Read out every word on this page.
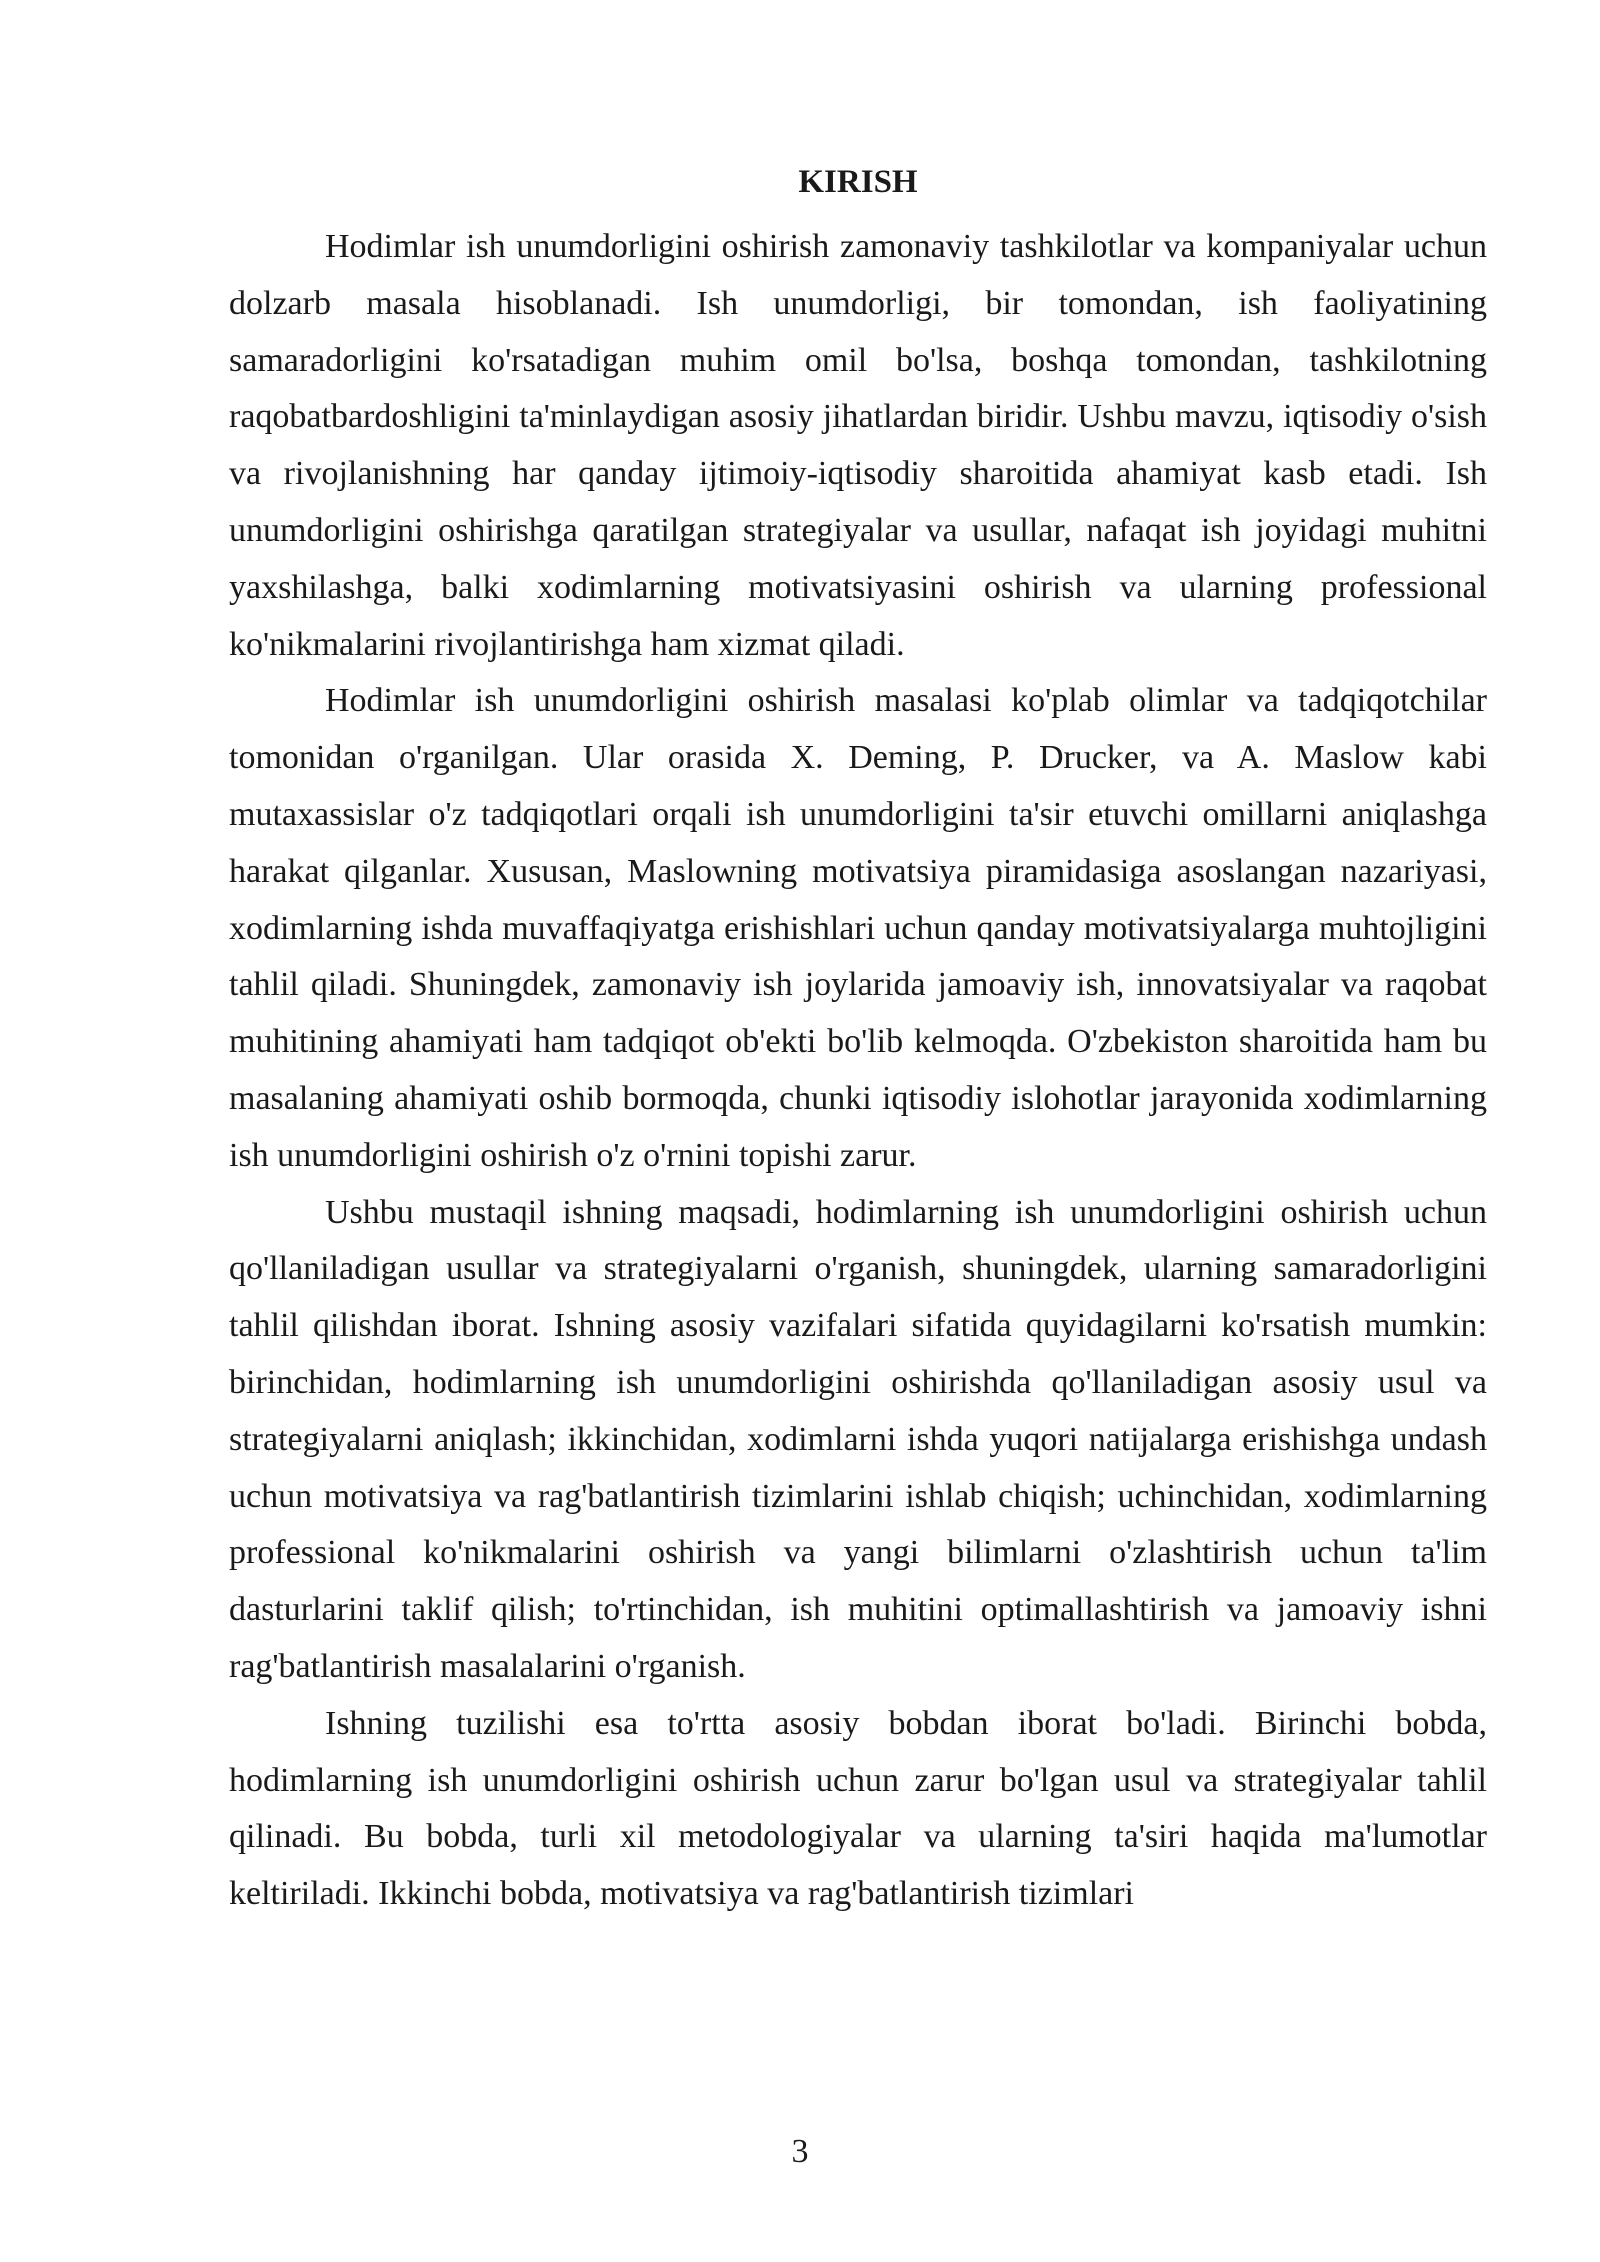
KIRISH

Hodimlar ish unumdorligini oshirish zamonaviy tashkilotlar va kompaniyalar uchun dolzarb masala hisoblanadi. Ish unumdorligi, bir tomondan, ish faoliyatining samaradorligini ko'rsatadigan muhim omil bo'lsa, boshqa tomondan, tashkilotning raqobatbardoshligini ta'minlaydigan asosiy jihatlardan biridir. Ushbu mavzu, iqtisodiy o'sish va rivojlanishning har qanday ijtimoiy-iqtisodiy sharoitida ahamiyat kasb etadi. Ish unumdorligini oshirishga qaratilgan strategiyalar va usullar, nafaqat ish joyidagi muhitni yaxshilashga, balki xodimlarning motivatsiyasini oshirish va ularning professional ko'nikmalarini rivojlantirishga ham xizmat qiladi.

Hodimlar ish unumdorligini oshirish masalasi ko'plab olimlar va tadqiqotchilar tomonidan o'rganilgan. Ular orasida X. Deming, P. Drucker, va A. Maslow kabi mutaxassislar o'z tadqiqotlari orqali ish unumdorligini ta'sir etuvchi omillarni aniqlashga harakat qilganlar. Xususan, Maslowning motivatsiya piramidasiga asoslangan nazariyasi, xodimlarning ishda muvaffaqiyatga erishishlari uchun qanday motivatsiyalarga muhtojligini tahlil qiladi. Shuningdek, zamonaviy ish joylarida jamoaviy ish, innovatsiyalar va raqobat muhitining ahamiyati ham tadqiqot ob'ekti bo'lib kelmoqda. O'zbekiston sharoitida ham bu masalaning ahamiyati oshib bormoqda, chunki iqtisodiy islohotlar jarayonida xodimlarning ish unumdorligini oshirish o'z o'rnini topishi zarur.

Ushbu mustaqil ishning maqsadi, hodimlarning ish unumdorligini oshirish uchun qo'llaniladigan usullar va strategiyalarni o'rganish, shuningdek, ularning samaradorligini tahlil qilishdan iborat. Ishning asosiy vazifalari sifatida quyidagilarni ko'rsatish mumkin: birinchidan, hodimlarning ish unumdorligini oshirishda qo'llaniladigan asosiy usul va strategiyalarni aniqlash; ikkinchidan, xodimlarni ishda yuqori natijalarga erishishga undash uchun motivatsiya va rag'batlantirish tizimlarini ishlab chiqish; uchinchidan, xodimlarning professional ko'nikmalarini oshirish va yangi bilimlarni o'zlashtirish uchun ta'lim dasturlarini taklif qilish; to'rtinchidan, ish muhitini optimallashtirish va jamoaviy ishni rag'batlantirish masalalarini o'rganish.

Ishning tuzilishi esa to'rtta asosiy bobdan iborat bo'ladi. Birinchi bobda, hodimlarning ish unumdorligini oshirish uchun zarur bo'lgan usul va strategiyalar tahlil qilinadi. Bu bobda, turli xil metodologiyalar va ularning ta'siri haqida ma'lumotlar keltiriladi. Ikkinchi bobda, motivatsiya va rag'batlantirish tizimlari

3
